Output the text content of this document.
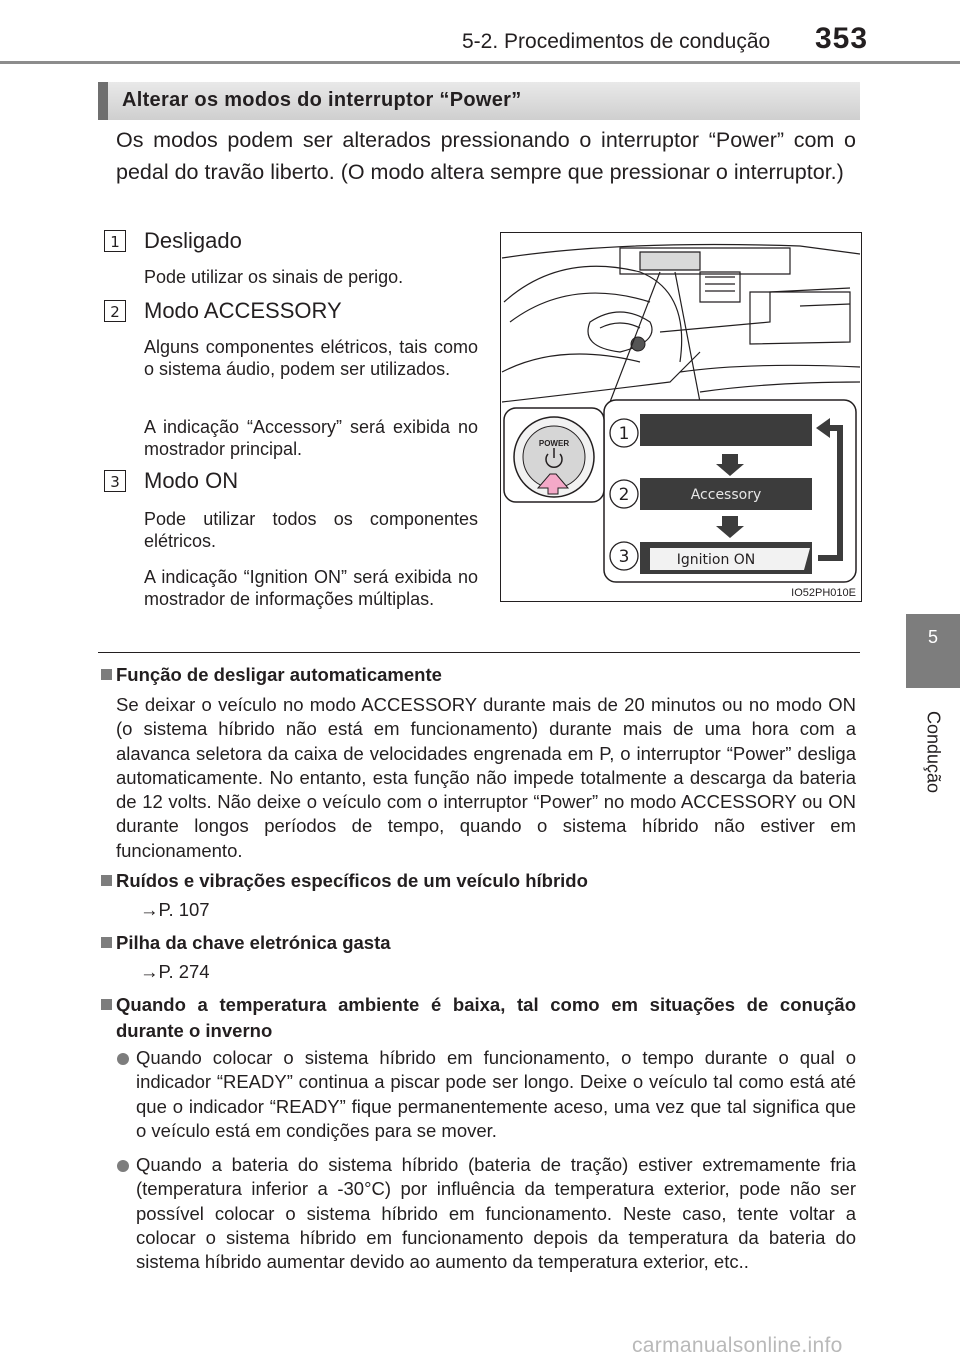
5-2. Procedimentos de condução 353
5
Condução
Alterar os modos do interruptor “Power”
Os modos podem ser alterados pressionando o interruptor “Power” com o pedal do travão liberto. (O modo altera sempre que pressionar o interruptor.)
1 Desligado
Pode utilizar os sinais de perigo.
2 Modo ACCESSORY
Alguns componentes elétricos, tais como o sistema áudio, podem ser utilizados.
A indicação “Accessory” será exibida no mostrador principal.
3 Modo ON
Pode utilizar todos os componentes elétricos.
A indicação “Ignition ON” será exibida no mostrador de informações múltiplas.
POWER	1
2
3
Accessory
Ignition ON
IO52PH010E
Função de desligar automaticamente
Se deixar o veículo no modo ACCESSORY durante mais de 20 minutos ou no modo ON (o sistema híbrido não está em funcionamento) durante mais de uma hora com a alavanca seletora da caixa de velocidades engrenada em P, o interruptor “Power” desliga automaticamente. No entanto, esta função não impede totalmente a descarga da bateria de 12 volts. Não deixe o veículo com o interruptor “Power” no modo ACCESSORY ou ON durante longos períodos de tempo, quando o sistema híbrido não estiver em funcionamento.
Ruídos e vibrações específicos de um veículo híbrido
→P. 107
Pilha da chave eletrónica gasta
→P. 274
Quando a temperatura ambiente é baixa, tal como em situações de conução durante o inverno
Quando colocar o sistema híbrido em funcionamento, o tempo durante o qual o indicador “READY” continua a piscar pode ser longo. Deixe o veículo tal como está até que o indicador “READY” fique permanentemente aceso, uma vez que tal significa que o veículo está em condições para se mover.
Quando a bateria do sistema híbrido (bateria de tração) estiver extremamente fria (temperatura inferior a -30°C) por influência da temperatura exterior, pode não ser possível colocar o sistema híbrido em funcionamento. Neste caso, tente voltar a colocar o sistema híbrido em funcionamento depois da temperatura da bateria do sistema híbrido aumentar devido ao aumento da temperatura exterior, etc..
carmanualsonline.info
